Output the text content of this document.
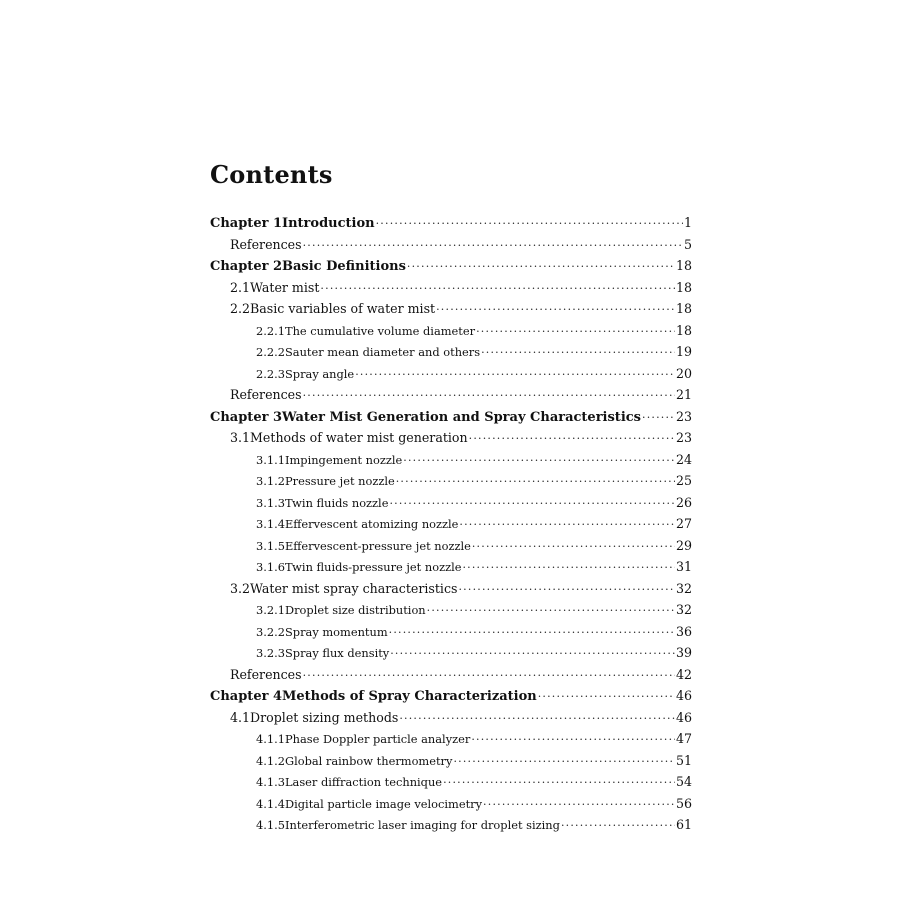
Contents
Chapter 1 Introduction ·····	1
References ·····	5
Chapter 2 Basic Definitions ·····	18
2.1 Water mist ·····	18
2.2 Basic variables of water mist ·····	18
2.2.1 The cumulative volume diameter ·····	18
2.2.2 Sauter mean diameter and others ·····	19
2.2.3 Spray angle ·····	20
References ·····	21
Chapter 3 Water Mist Generation and Spray Characteristics ·····	23
3.1 Methods of water mist generation ·····	23
3.1.1 Impingement nozzle ·····	24
3.1.2 Pressure jet nozzle ·····	25
3.1.3 Twin fluids nozzle ·····	26
3.1.4 Effervescent atomizing nozzle ·····	27
3.1.5 Effervescent-pressure jet nozzle ·····	29
3.1.6 Twin fluids-pressure jet nozzle ·····	31
3.2 Water mist spray characteristics ·····	32
3.2.1 Droplet size distribution ·····	32
3.2.2 Spray momentum ·····	36
3.2.3 Spray flux density ·····	39
References ·····	42
Chapter 4 Methods of Spray Characterization ·····	46
4.1 Droplet sizing methods ·····	46
4.1.1 Phase Doppler particle analyzer ·····	47
4.1.2 Global rainbow thermometry ·····	51
4.1.3 Laser diffraction technique ·····	54
4.1.4 Digital particle image velocimetry ·····	56
4.1.5 Interferometric laser imaging for droplet sizing ·····	61
